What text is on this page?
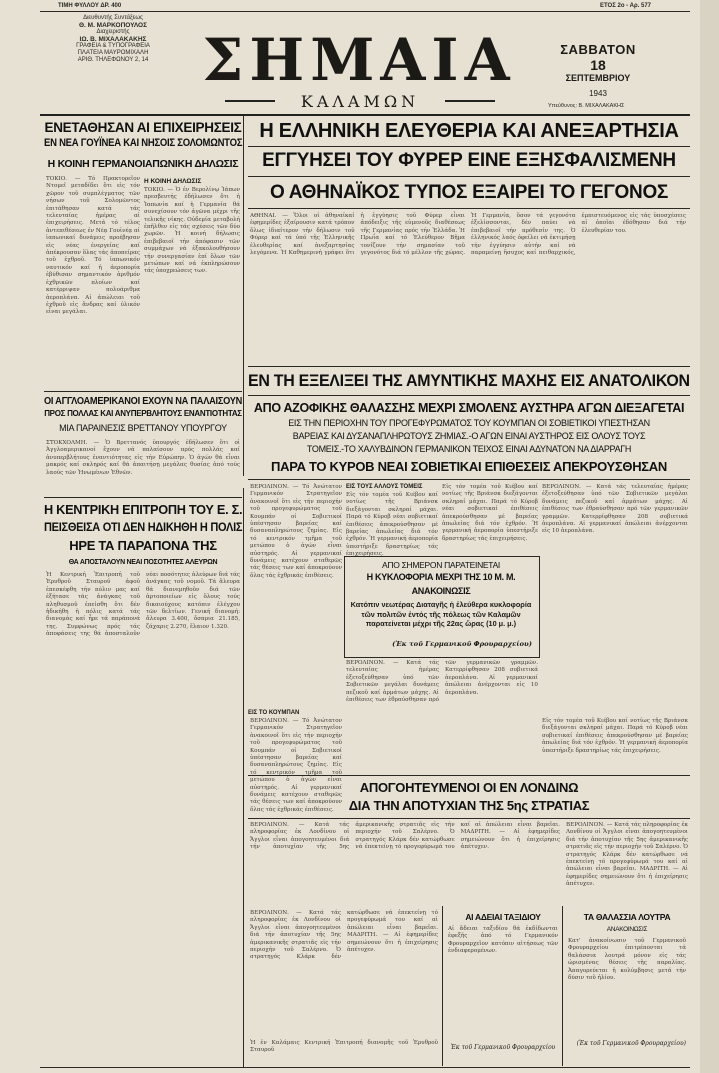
ΤΙΜΗ ΦΥΛΛΟΥ ΔΡ. 400	ΕΤΟΣ 2ο - Αρ. 577
Διευθυντής Συντάξεως
Θ. Μ. ΜΑΡΚΟΠΟΥΛΟΣ
Διαχειριστής
ΙΩ. Β. ΜΙΧΑΛΑΚΑΚΗΣ
ΓΡΑΦΕΙΑ & ΤΥΠΟΓΡΑΦΕΙΑ
ΠΛΑΤΕΙΑ ΜΑΥΡΟΜΙΧΑΛΗ
ΑΡΙΘ. ΤΗΛΕΦΩΝΟΥ 2, 14 ΣΗΜΑΙΑ
ΚΑΛΑΜΩΝ
ΣΑΒΒΑΤΟΝ
18
ΣΕΠΤΕΜΒΡΙΟΥ
1943
Υπεύθυνος: Β. ΜΙΧΑΛΑΚΑΚΗΣ
ΕΝΕΤΑΘΗΣΑΝ ΑΙ ΕΠΙΧΕΙΡΗΣΕΙΣ
ΕΝ ΝΕΑ ΓΟΥΪΝΕΑ ΚΑΙ ΝΗΣΟΙΣ ΣΟΛΟΜΩΝΤΟΣ
Η ΚΟΙΝΗ ΓΕΡΜΑΝΟΙΑΠΩΝΙΚΗ ΔΗΛΩΣΙΣ
ΤΟΚΙΟ. — Τό Πρακτορεῖον Ντομεῖ μεταδίδει ὅτι εἰς τόν χῶρον τοῦ συμπλέγματος τῶν νήσων τοῦ Σολομῶντος ἐπιτάθησαν κατά τάς τελευταίας ἡμέρας αἱ ἐπιχειρήσεις. Μετά τό τέλος ἀντεπιθέσεως ἐν Νέᾳ Γουϊνέᾳ αἱ ἰαπωνικαί δυνάμεις προέβησαν εἰς νέας ἐνεργείας καί ἀπέκρουσαν ὅλας τάς ἀποπείρας τοῦ ἐχθροῦ. Τό ἰαπωνικόν ναυτικόν καί ἡ ἀεροπορία ἐβύθισαν σημαντικόν ἀριθμόν ἐχθρικῶν πλοίων καί κατέρριψαν πολυάριθμα ἀεροπλάνα. Αἱ ἀπώλειαι τοῦ ἐχθροῦ εἰς ἄνδρας καί ὑλικόν εἶναι μεγάλαι.
Η ΚΟΙΝΗ ΔΗΛΩΣΙΣ
ΤΟΚΙΟ. — Ὁ ἐν Βερολίνῳ Ἰάπων πρεσβευτής ἐδήλωσεν ὅτι ἡ Ἰαπωνία καί ἡ Γερμανία θά συνεχίσουν τόν ἀγῶνα μέχρι τῆς τελικῆς νίκης. Οὐδεμία μεταβολή ἐπῆλθεν εἰς τάς σχέσεις τῶν δύο χωρῶν. Ἡ κοινή δήλωσις ἐπιβεβαιοῖ τήν ἀπόφασιν τῶν συμμάχων νά ἐξακολουθήσουν τήν συνεργασίαν ἐπί ὅλων τῶν μετώπων καί νά ἐκπληρώσουν τάς ὑποχρεώσεις των.
ΟΙ ΑΓΓΛΟΑΜΕΡΙΚΑΝΟΙ ΕΧΟΥΝ ΝΑ ΠΑΛΑΙΣΟΥΝ
ΠΡΟΣ ΠΟΛΛΑΣ ΚΑΙ ΑΝΥΠΕΡΒΛΗΤΟΥΣ ΕΝΑΝΤΙΟΤΗΤΑΣ
ΜΙΑ ΠΑΡΑΙΝΕΣΙΣ ΒΡΕΤΤΑΝΟΥ ΥΠΟΥΡΓΟΥ
ΣΤΟΚΧΟΛΜΗ. — Ὁ Βρεττανός ὑπουργός ἐδήλωσεν ὅτι οἱ Ἀγγλοαμερικανοί ἔχουν νά παλαίσουν πρός πολλάς καί ἀνυπερβλήτους ἐναντιότητας εἰς τήν Εὐρώπην. Ὁ ἀγών θά εἶναι μακρός καί σκληρός καί θά ἀπαιτήσῃ μεγάλας θυσίας ἀπό τούς λαούς τῶν Ἡνωμένων Ἐθνῶν.
Η ΚΕΝΤΡΙΚΗ ΕΠΙΤΡΟΠΗ ΤΟΥ Ε. Σ.
ΠΕΙΣΘΕΙΣΑ ΟΤΙ ΔΕΝ ΗΔΙΚΗΘΗ Η ΠΟΛΙΣ
ΗΡΕ ΤΑ ΠΑΡΑΠΟΝΑ ΤΗΣ
ΘΑ ΑΠΟΣΤΑΛΟΥΝ ΝΕΑΙ ΠΟΣΟΤΗΤΕΣ ΑΛΕΥΡΩΝ
Ἡ Κεντρική Ἐπιτροπή τοῦ Ἐρυθροῦ Σταυροῦ ἀφοῦ ἐπεσκέφθη τήν πόλιν μας καί ἐξήτασε τάς ἀνάγκας τοῦ πληθυσμοῦ ἐπείσθη ὅτι δέν ἠδικήθη ἡ πόλις κατά τάς διανομάς καί ἦρε τά παράπονά της. Συμφώνως πρός τάς ἀποφάσεις της θά ἀποσταλοῦν νέαι ποσότητες ἀλεύρων διά τάς ἀνάγκας τοῦ νομοῦ. Τά ἄλευρα θά διανεμηθοῦν διά τῶν ἀρτοποιείων εἰς ὅλους τούς δικαιούχους κατόπιν ἐλέγχου τῶν δελτίων. Γενική διανομή: ἄλευρα 3.400, ὄσπρια 21.185, ζάχαρις 2.270, ἔλαιον 1.320.
Η ΕΛΛΗΝΙΚΗ ΕΛΕΥΘΕΡΙΑ ΚΑΙ ΑΝΕΞΑΡΤΗΣΙΑ
ΕΓΓΥΗΣΕΙ ΤΟΥ ΦΥΡΕΡ ΕΙΝΕ ΕΞΗΣΦΑΛΙΣΜΕΝΗ
Ο ΑΘΗΝΑΪΚΟΣ ΤΥΠΟΣ ΕΞΑΙΡΕΙ ΤΟ ΓΕΓΟΝΟΣ
ΑΘΗΝΑΙ. — Ὅλοι οἱ ἀθηναϊκαί ἐφημερίδες ἐξαίρουσιν κατά τρόπον ὅλως ἰδιαίτερον τήν δήλωσιν τοῦ Φύρερ καί τά ὑπό τῆς Ἑλληνικῆς ἐλευθερίας καί ἀνεξαρτησίας λεγόμενα. Ἡ Καθημερινή γράφει ὅτι ἡ ἐγγύησις τοῦ Φύρερ εἶναι ἀπόδειξις τῆς εὐμενοῦς διαθέσεως τῆς Γερμανίας πρός τήν Ἑλλάδα. Ἡ Πρωΐα καί τό Ἐλεύθερον Βῆμα τονίζουν τήν σημασίαν τοῦ γεγονότος διά τό μέλλον τῆς χώρας. Ἡ Γερμανία, ὅσον τά γεγονότα ἐξελίσσονται, δέν παύει νά ἐπιβεβαιοῖ τήν πρόθεσίν της. Ὁ ἑλληνικός λαός ὀφείλει νά ἐκτιμήσῃ τήν ἐγγύησιν αὐτήν καί νά παραμείνῃ ἥσυχος καί πειθαρχικός, ἐμπιστευόμενος εἰς τάς ὑποσχέσεις αἱ ὁποῖαι ἐδόθησαν διά τήν ἐλευθερίαν του.
ΕΝ ΤΗ ΕΞΕΛΙΞΕΙ ΤΗΣ ΑΜΥΝΤΙΚΗΣ ΜΑΧΗΣ ΕΙΣ ΑΝΑΤΟΛΙΚΟΝ
ΑΠΟ ΑΖΟΦΙΚΗΣ ΘΑΛΑΣΣΗΣ ΜΕΧΡΙ ΣΜΟΛΕΝΣ ΑΥΣΤΗΡΑ ΑΓΩΝ ΔΙΕΞΑΓΕΤΑΙ
ΕΙΣ ΤΗΝ ΠΕΡΙΟΧΗΝ ΤΟΥ ΠΡΟΓΕΦΥΡΩΜΑΤΟΣ ΤΟΥ ΚΟΥΜΠΑΝ ΟΙ ΣΟΒΙΕΤΙΚΟΙ ΥΠΕΣΤΗΣΑΝ
ΒΑΡΕΙΑΣ ΚΑΙ ΔΥΣΑΝΑΠΛΗΡΩΤΟΥΣ ΖΗΜΙΑΣ.-Ο ΑΓΩΝ ΕΙΝΑΙ ΑΥΣΤΗΡΟΣ ΕΙΣ ΟΛΟΥΣ ΤΟΥΣ
ΤΟΜΕΙΣ.-ΤΟ ΧΑΛΥΒΔΙΝΟΝ ΓΕΡΜΑΝΙΚΟΝ ΤΕΙΧΟΣ ΕΙΝΑΙ ΑΔΥΝΑΤΟΝ ΝΑ ΔΙΑΡΡΑΓΗ
ΠΑΡΑ ΤΟ ΚΥΡΟΒ ΝΕΑΙ ΣΟΒΙΕΤΙΚΑΙ ΕΠΙΘΕΣΕΙΣ ΑΠΕΚΡΟΥΣΘΗΣΑΝ
ΒΕΡΟΛΙΝΟΝ. — Τό Ἀνώτατον Γερμανικόν Στρατηγεῖον ἀνακοινοῖ ὅτι εἰς τήν περιοχήν τοῦ προγεφυρώματος τοῦ Κουμπάν οἱ Σοβιετικοί ὑπέστησαν βαρείας καί δυσαναπληρώτους ζημίας. Εἰς τό κεντρικόν τμῆμα τοῦ μετώπου ὁ ἀγών εἶναι αὐστηρός. Αἱ γερμανικαί δυνάμεις κατέχουν σταθερῶς τάς θέσεις των καί ἀποκρούουν ὅλας τάς ἐχθρικάς ἐπιθέσεις.
ΕΙΣ ΤΟΥΣ ΑΛΛΟΥΣ ΤΟΜΕΙΣ
Εἰς τόν τομέα τοῦ Κιέβου καί νοτίως τῆς Βριάνσκ διεξάγονται σκληραί μάχαι. Παρά τό Κύροβ νέαι σοβιετικαί ἐπιθέσεις ἀπεκρούσθησαν μέ βαρείας ἀπωλείας διά τόν ἐχθρόν. Ἡ γερμανική ἀεροπορία ὑπεστήριξε δραστηρίως τάς ἐπιχειρήσεις.
Εἰς τόν τομέα τοῦ Κιέβου καί νοτίως τῆς Βριάνσκ διεξάγονται σκληραί μάχαι. Παρά τό Κύροβ νέαι σοβιετικαί ἐπιθέσεις ἀπεκρούσθησαν μέ βαρείας ἀπωλείας διά τόν ἐχθρόν. Ἡ γερμανική ἀεροπορία ὑπεστήριξε δραστηρίως τάς ἐπιχειρήσεις.
ΒΕΡΟΛΙΝΟΝ. — Κατά τάς τελευταίας ἡμέρας ἐξετοξεύθησαν ὑπό τῶν Σοβιετικῶν μεγάλαι δυνάμεις πεζικοῦ καί ἁρμάτων μάχης. Αἱ ἐπιθέσεις των ἐθραύσθησαν πρό τῶν γερμανικῶν γραμμῶν. Κατερρίφθησαν 208 σοβιετικά ἀεροπλάνα. Αἱ γερμανικαί ἀπώλειαι ἀνέρχονται εἰς 10 ἀεροπλάνα.
ΑΠΟ ΣΗΜΕΡΟΝ ΠΑΡΑΤΕΙΝΕΤΑΙ
Η ΚΥΚΛΟΦΟΡΙΑ ΜΕΧΡΙ ΤΗΣ 10 Μ. Μ.
ΑΝΑΚΟΙΝΩΣΙΣ
Κατόπιν νεωτέρας Διαταγῆς ἡ ἐλεύθερα κυκλοφορία τῶν πολιτῶν ἐντός τῆς πόλεως τῶν Καλαμῶν παρατείνεται μέχρι τῆς 22ας ὥρας (10 μ. μ.)
(Ἐκ τοῦ Γερμανικοῦ Φρουραρχείου)
ΕΙΣ ΤΟ ΚΟΥΜΠΑΝ
ΒΕΡΟΛΙΝΟΝ. — Τό Ἀνώτατον Γερμανικόν Στρατηγεῖον ἀνακοινοῖ ὅτι εἰς τήν περιοχήν τοῦ προγεφυρώματος τοῦ Κουμπάν οἱ Σοβιετικοί ὑπέστησαν βαρείας καί δυσαναπληρώτους ζημίας. Εἰς τό κεντρικόν τμῆμα τοῦ μετώπου ὁ ἀγών εἶναι αὐστηρός. Αἱ γερμανικαί δυνάμεις κατέχουν σταθερῶς τάς θέσεις των καί ἀποκρούουν ὅλας τάς ἐχθρικάς ἐπιθέσεις.
ΒΕΡΟΛΙΝΟΝ. — Κατά τάς τελευταίας ἡμέρας ἐξετοξεύθησαν ὑπό τῶν Σοβιετικῶν μεγάλαι δυνάμεις πεζικοῦ καί ἁρμάτων μάχης. Αἱ ἐπιθέσεις των ἐθραύσθησαν πρό τῶν γερμανικῶν γραμμῶν. Κατερρίφθησαν 208 σοβιετικά ἀεροπλάνα. Αἱ γερμανικαί ἀπώλειαι ἀνέρχονται εἰς 10 ἀεροπλάνα.
Εἰς τόν τομέα τοῦ Κιέβου καί νοτίως τῆς Βριάνσκ διεξάγονται σκληραί μάχαι. Παρά τό Κύροβ νέαι σοβιετικαί ἐπιθέσεις ἀπεκρούσθησαν μέ βαρείας ἀπωλείας διά τόν ἐχθρόν. Ἡ γερμανική ἀεροπορία ὑπεστήριξε δραστηρίως τάς ἐπιχειρήσεις.
ΑΠΟΓΟΗΤΕΥΜΕΝΟΙ ΟΙ ΕΝ ΛΟΝΔΙΝΩ
ΔΙΑ ΤΗΝ ΑΠΟΤΥΧΙΑΝ ΤΗΣ 5ης ΣΤΡΑΤΙΑΣ
ΒΕΡΟΛΙΝΟΝ. — Κατά τάς πληροφορίας ἐκ Λονδίνου οἱ Ἄγγλοι εἶναι ἀπογοητευμένοι διά τήν ἀποτυχίαν τῆς 5ης ἀμερικανικῆς στρατιᾶς εἰς τήν περιοχήν τοῦ Σαλέρνο. Ὁ στρατηγός Κλάρκ δέν κατώρθωσε νά ἐπεκτείνῃ τό προγεφύρωμά του καί αἱ ἀπώλειαι εἶναι βαρεῖαι. ΜΑΔΡΙΤΗ. — Αἱ ἐφημερίδες σημειώνουν ὅτι ἡ ἐπιχείρησις ἀπέτυχεν.
ΒΕΡΟΛΙΝΟΝ. — Κατά τάς πληροφορίας ἐκ Λονδίνου οἱ Ἄγγλοι εἶναι ἀπογοητευμένοι διά τήν ἀποτυχίαν τῆς 5ης ἀμερικανικῆς στρατιᾶς εἰς τήν περιοχήν τοῦ Σαλέρνο. Ὁ στρατηγός Κλάρκ δέν κατώρθωσε νά ἐπεκτείνῃ τό προγεφύρωμά του καί αἱ ἀπώλειαι εἶναι βαρεῖαι. ΜΑΔΡΙΤΗ. — Αἱ ἐφημερίδες σημειώνουν ὅτι ἡ ἐπιχείρησις ἀπέτυχεν.
ΒΕΡΟΛΙΝΟΝ. — Κατά τάς πληροφορίας ἐκ Λονδίνου οἱ Ἄγγλοι εἶναι ἀπογοητευμένοι διά τήν ἀποτυχίαν τῆς 5ης ἀμερικανικῆς στρατιᾶς εἰς τήν περιοχήν τοῦ Σαλέρνο. Ὁ στρατηγός Κλάρκ δέν κατώρθωσε νά ἐπεκτείνῃ τό προγεφύρωμά του καί αἱ ἀπώλειαι εἶναι βαρεῖαι. ΜΑΔΡΙΤΗ. — Αἱ ἐφημερίδες σημειώνουν ὅτι ἡ ἐπιχείρησις ἀπέτυχεν.
Ἡ ἐν Καλάμαις Κεντρική Ἐπιτροπή διανομῆς τοῦ Ἐρυθροῦ Σταυροῦ
ΑΙ ΑΔΕΙΑΙ ΤΑΞΙΔΙΟΥ
Αἱ ἄδειαι ταξιδίου θά ἐκδίδωνται ἐφεξῆς ἀπό τό Γερμανικόν Φρουραρχεῖον κατόπιν αἰτήσεως τῶν ἐνδιαφερομένων.
Ἐκ τοῦ Γερμανικοῦ Φρουραρχείου
ΤΑ ΘΑΛΑΣΣΙΑ ΛΟΥΤΡΑ
ΑΝΑΚΟΙΝΩΣΙΣ
Κατ' ἀνακοίνωσιν τοῦ Γερμανικοῦ Φρουραρχείου ἐπιτρέπονται τά θαλάσσια λουτρά μόνον εἰς τάς ὡρισμένας θέσεις τῆς παραλίας. Ἀπαγορεύεται ἡ κολύμβησις μετά τήν δύσιν τοῦ ἡλίου.
(Ἐκ τοῦ Γερμανικοῦ Φρουραρχείου)
